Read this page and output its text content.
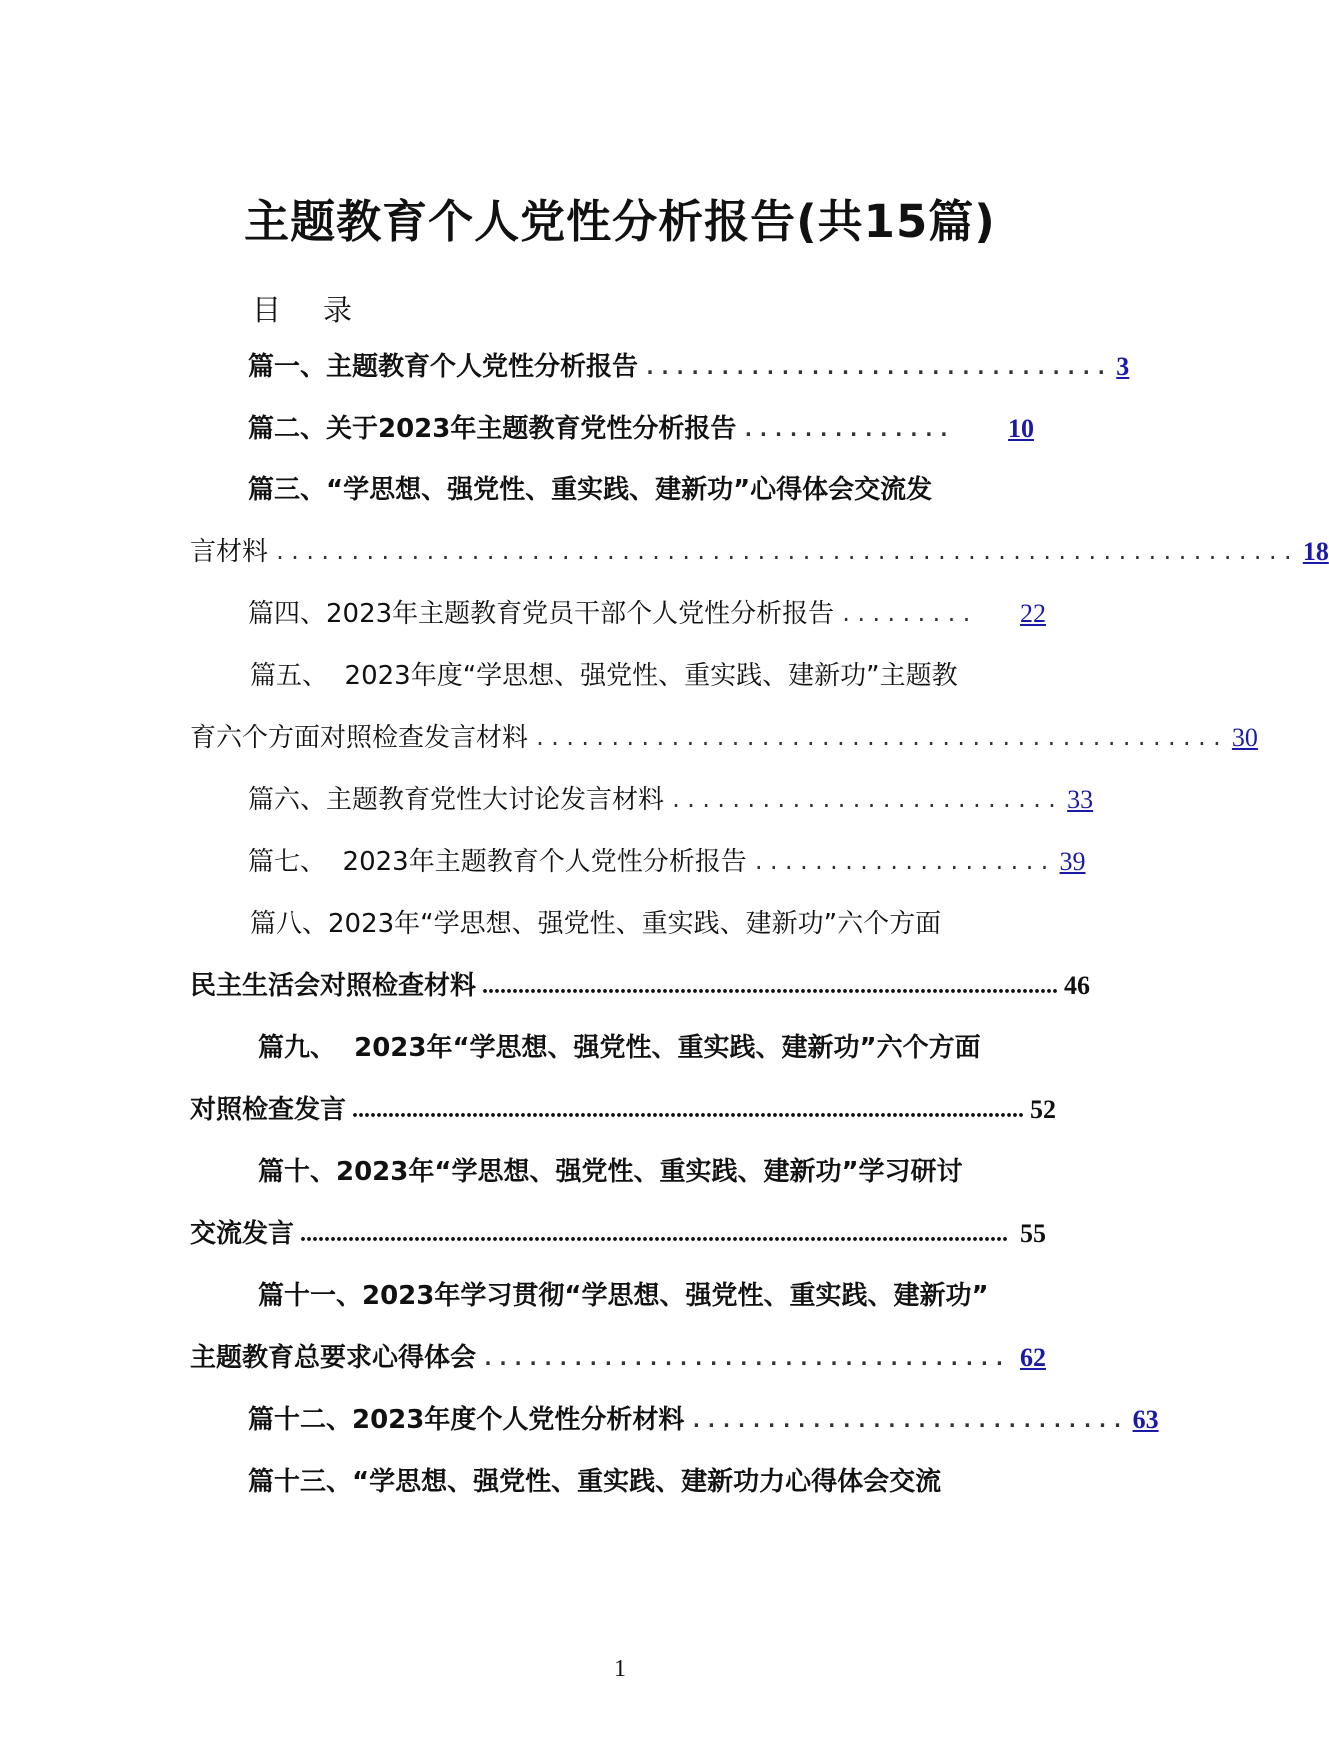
主题教育个人党性分析报告(共15篇)
目 录
篇一、主题教育个人党性分析报告 ............................... 3
篇二、关于2023年主题教育党性分析报告 ..............	10
篇三、“学思想、强党性、重实践、建新功”心得体会交流发
言材料 .................................................................... 18
篇四、2023年主题教育党员干部个人党性分析报告 .........	22
篇五、  2023年度“学思想、强党性、重实践、建新功”主题教
育六个方面对照检查发言材料 .............................................. 30
篇六、主题教育党性大讨论发言材料 .......................... 33
篇七、  2023年主题教育个人党性分析报告 .................... 39
篇八、2023年“学思想、强党性、重实践、建新功”六个方面
民主生活会对照检查材料 ................................................................................................ 46
篇九、  2023年“学思想、强党性、重实践、建新功”六个方面
对照检查发言 ................................................................................................................ 52
篇十、2023年“学思想、强党性、重实践、建新功”学习研讨
交流发言 ...................................................................................................................... 55
篇十一、2023年学习贯彻“学思想、强党性、重实践、建新功”
主题教育总要求心得体会 ................................... 62
篇十二、2023年度个人党性分析材料 ............................. 63
篇十三、“学思想、强党性、重实践、建新功力心得体会交流

1
